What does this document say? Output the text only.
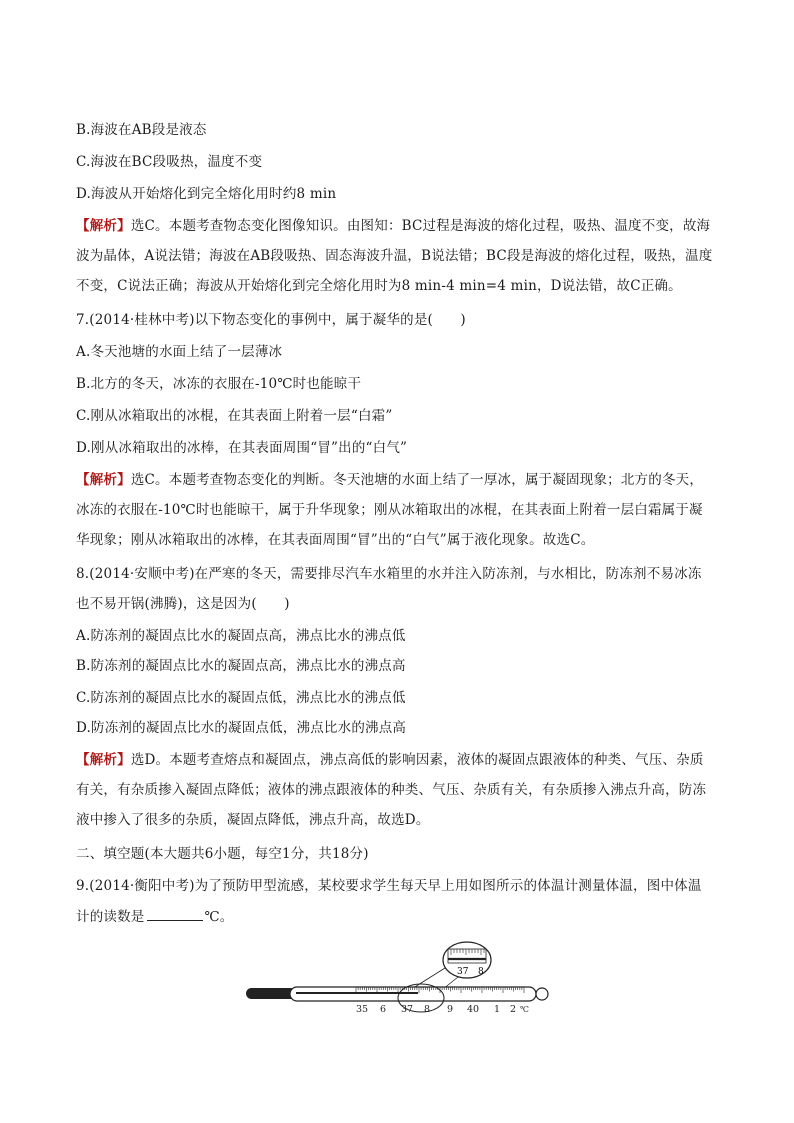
B.海波在AB段是液态
C.海波在BC段吸热，温度不变
D.海波从开始熔化到完全熔化用时约8 min
【解析】选C。本题考查物态变化图像知识。由图知：BC过程是海波的熔化过程，吸热、温度不变，故海
波为晶体，A说法错；海波在AB段吸热、固态海波升温，B说法错；BC段是海波的熔化过程，吸热，温度
不变，C说法正确；海波从开始熔化到完全熔化用时为8 min-4 min=4 min，D说法错，故C正确。
7.(2014·桂林中考)以下物态变化的事例中，属于凝华的是(　　)
A.冬天池塘的水面上结了一层薄冰
B.北方的冬天，冰冻的衣服在-10℃时也能晾干
C.刚从冰箱取出的冰棍，在其表面上附着一层“白霜”
D.刚从冰箱取出的冰棒，在其表面周围“冒”出的“白气”
【解析】选C。本题考查物态变化的判断。冬天池塘的水面上结了一厚冰，属于凝固现象；北方的冬天，
冰冻的衣服在-10℃时也能晾干，属于升华现象；刚从冰箱取出的冰棍，在其表面上附着一层白霜属于凝
华现象；刚从冰箱取出的冰棒，在其表面周围“冒”出的“白气”属于液化现象。故选C。
8.(2014·安顺中考)在严寒的冬天，需要排尽汽车水箱里的水并注入防冻剂，与水相比，防冻剂不易冰冻
也不易开锅(沸腾)，这是因为(　　)
A.防冻剂的凝固点比水的凝固点高，沸点比水的沸点低
B.防冻剂的凝固点比水的凝固点高，沸点比水的沸点高
C.防冻剂的凝固点比水的凝固点低，沸点比水的沸点低
D.防冻剂的凝固点比水的凝固点低，沸点比水的沸点高
【解析】选D。本题考查熔点和凝固点，沸点高低的影响因素，液体的凝固点跟液体的种类、气压、杂质
有关，有杂质掺入凝固点降低；液体的沸点跟液体的种类、气压、杂质有关，有杂质掺入沸点升高，防冻
液中掺入了很多的杂质，凝固点降低，沸点升高，故选D。
二、填空题(本大题共6小题，每空1分，共18分)
9.(2014·衡阳中考)为了预防甲型流感，某校要求学生每天早上用如图所示的体温计测量体温，图中体温
计的读数是	℃。
37 8
35 6 37 8 9 40 1 2 ℃
